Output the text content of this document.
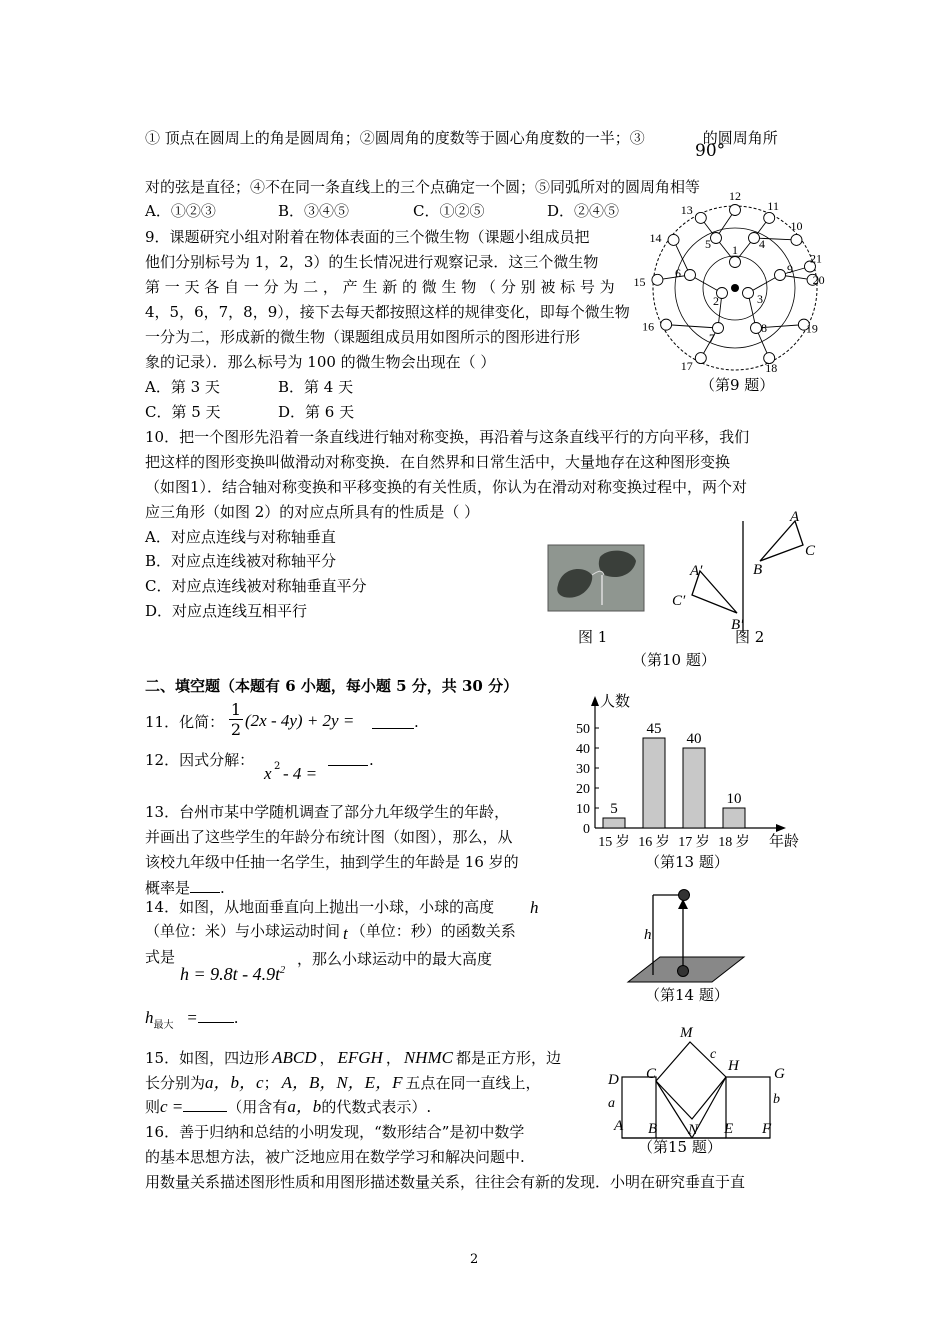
① 顶点在圆周上的角是圆周角；②圆周角的度数等于圆心角度数的一半；③	的圆周角所
90°
对的弦是直径；④不在同一条直线上的三个点确定一个圆；⑤同弧所对的圆周角相等
A．①②③	B．③④⑤	C．①②⑤	D．②④⑤
9．课题研究小组对附着在物体表面的三个微生物（课题小组成员把
他们分别标号为 1，2，3）的生长情况进行观察记录．这三个微生物
第 一 天 各 自 一 分 为 二 ， 产 生 新 的 微 生 物 （ 分 别 被 标 号 为
4，5，6，7，8，9），接下去每天都按照这样的规律变化，即每个微生物
一分为二，形成新的微生物（课题组成员用如图所示的图形进行形
象的记录）．那么标号为 100 的微生物会出现在（ ）
A．第 3 天	B．第 4 天
C．第 5 天	D．第 6 天
1
2	3
4
5
6
7
8
9
10
11
12
13
14
15
16
17	18
19
20
21
（第9 题）
10．把一个图形先沿着一条直线进行轴对称变换，再沿着与这条直线平行的方向平移，我们
把这样的图形变换叫做滑动对称变换．在自然界和日常生活中，大量地存在这种图形变换
（如图1）．结合轴对称变换和平移变换的有关性质，你认为在滑动对称变换过程中，两个对
应三角形（如图 2）的对应点所具有的性质是（ ）
A．对应点连线与对称轴垂直
B．对应点连线被对称轴平分
C．对应点连线被对称轴垂直平分
D．对应点连线互相平行
图 1
A
C
B
A′
C′
B′
图 2
（第10 题）
二、填空题（本题有 6 小题，每小题 5 分，共 30 分）
11．化简：
1
2 (2x - 4y) + 2y =	.
12．因式分解：
x 2 - 4 =
.
13．台州市某中学随机调查了部分九年级学生的年龄，
并画出了这些学生的年龄分布统计图（如图），那么，从
该校九年级中任抽一名学生，抽到学生的年龄是 16 岁的
概率是 .
人数
年龄
0
10
20
30
40
50
5
15 岁
45
16 岁
40
17 岁
10
18 岁
（第13 题）
14．如图，从地面垂直向上抛出一小球，小球的高度 h
（单位：米）与小球运动时间 t （单位：秒）的函数关系
式是
$h = 9.8t - 4.9t^2$
，那么小球运动中的最大高度
$h_{最大}$ = .
h
（第14 题）
15．如图，四边形 ABCD ， EFGH ， NHMC 都是正方形，边
长分别为a，b，c； A，B，N，E，F 五点在同一直线上，
则c =	（用含有a，b的代数式表示）.
M
c
C	H G
D
a	b
A B N E F
（第15 题）
16．善于归纳和总结的小明发现，“数形结合”是初中数学
的基本思想方法，被广泛地应用在数学学习和解决问题中.
用数量关系描述图形性质和用图形描述数量关系，往往会有新的发现．小明在研究垂直于直
2
